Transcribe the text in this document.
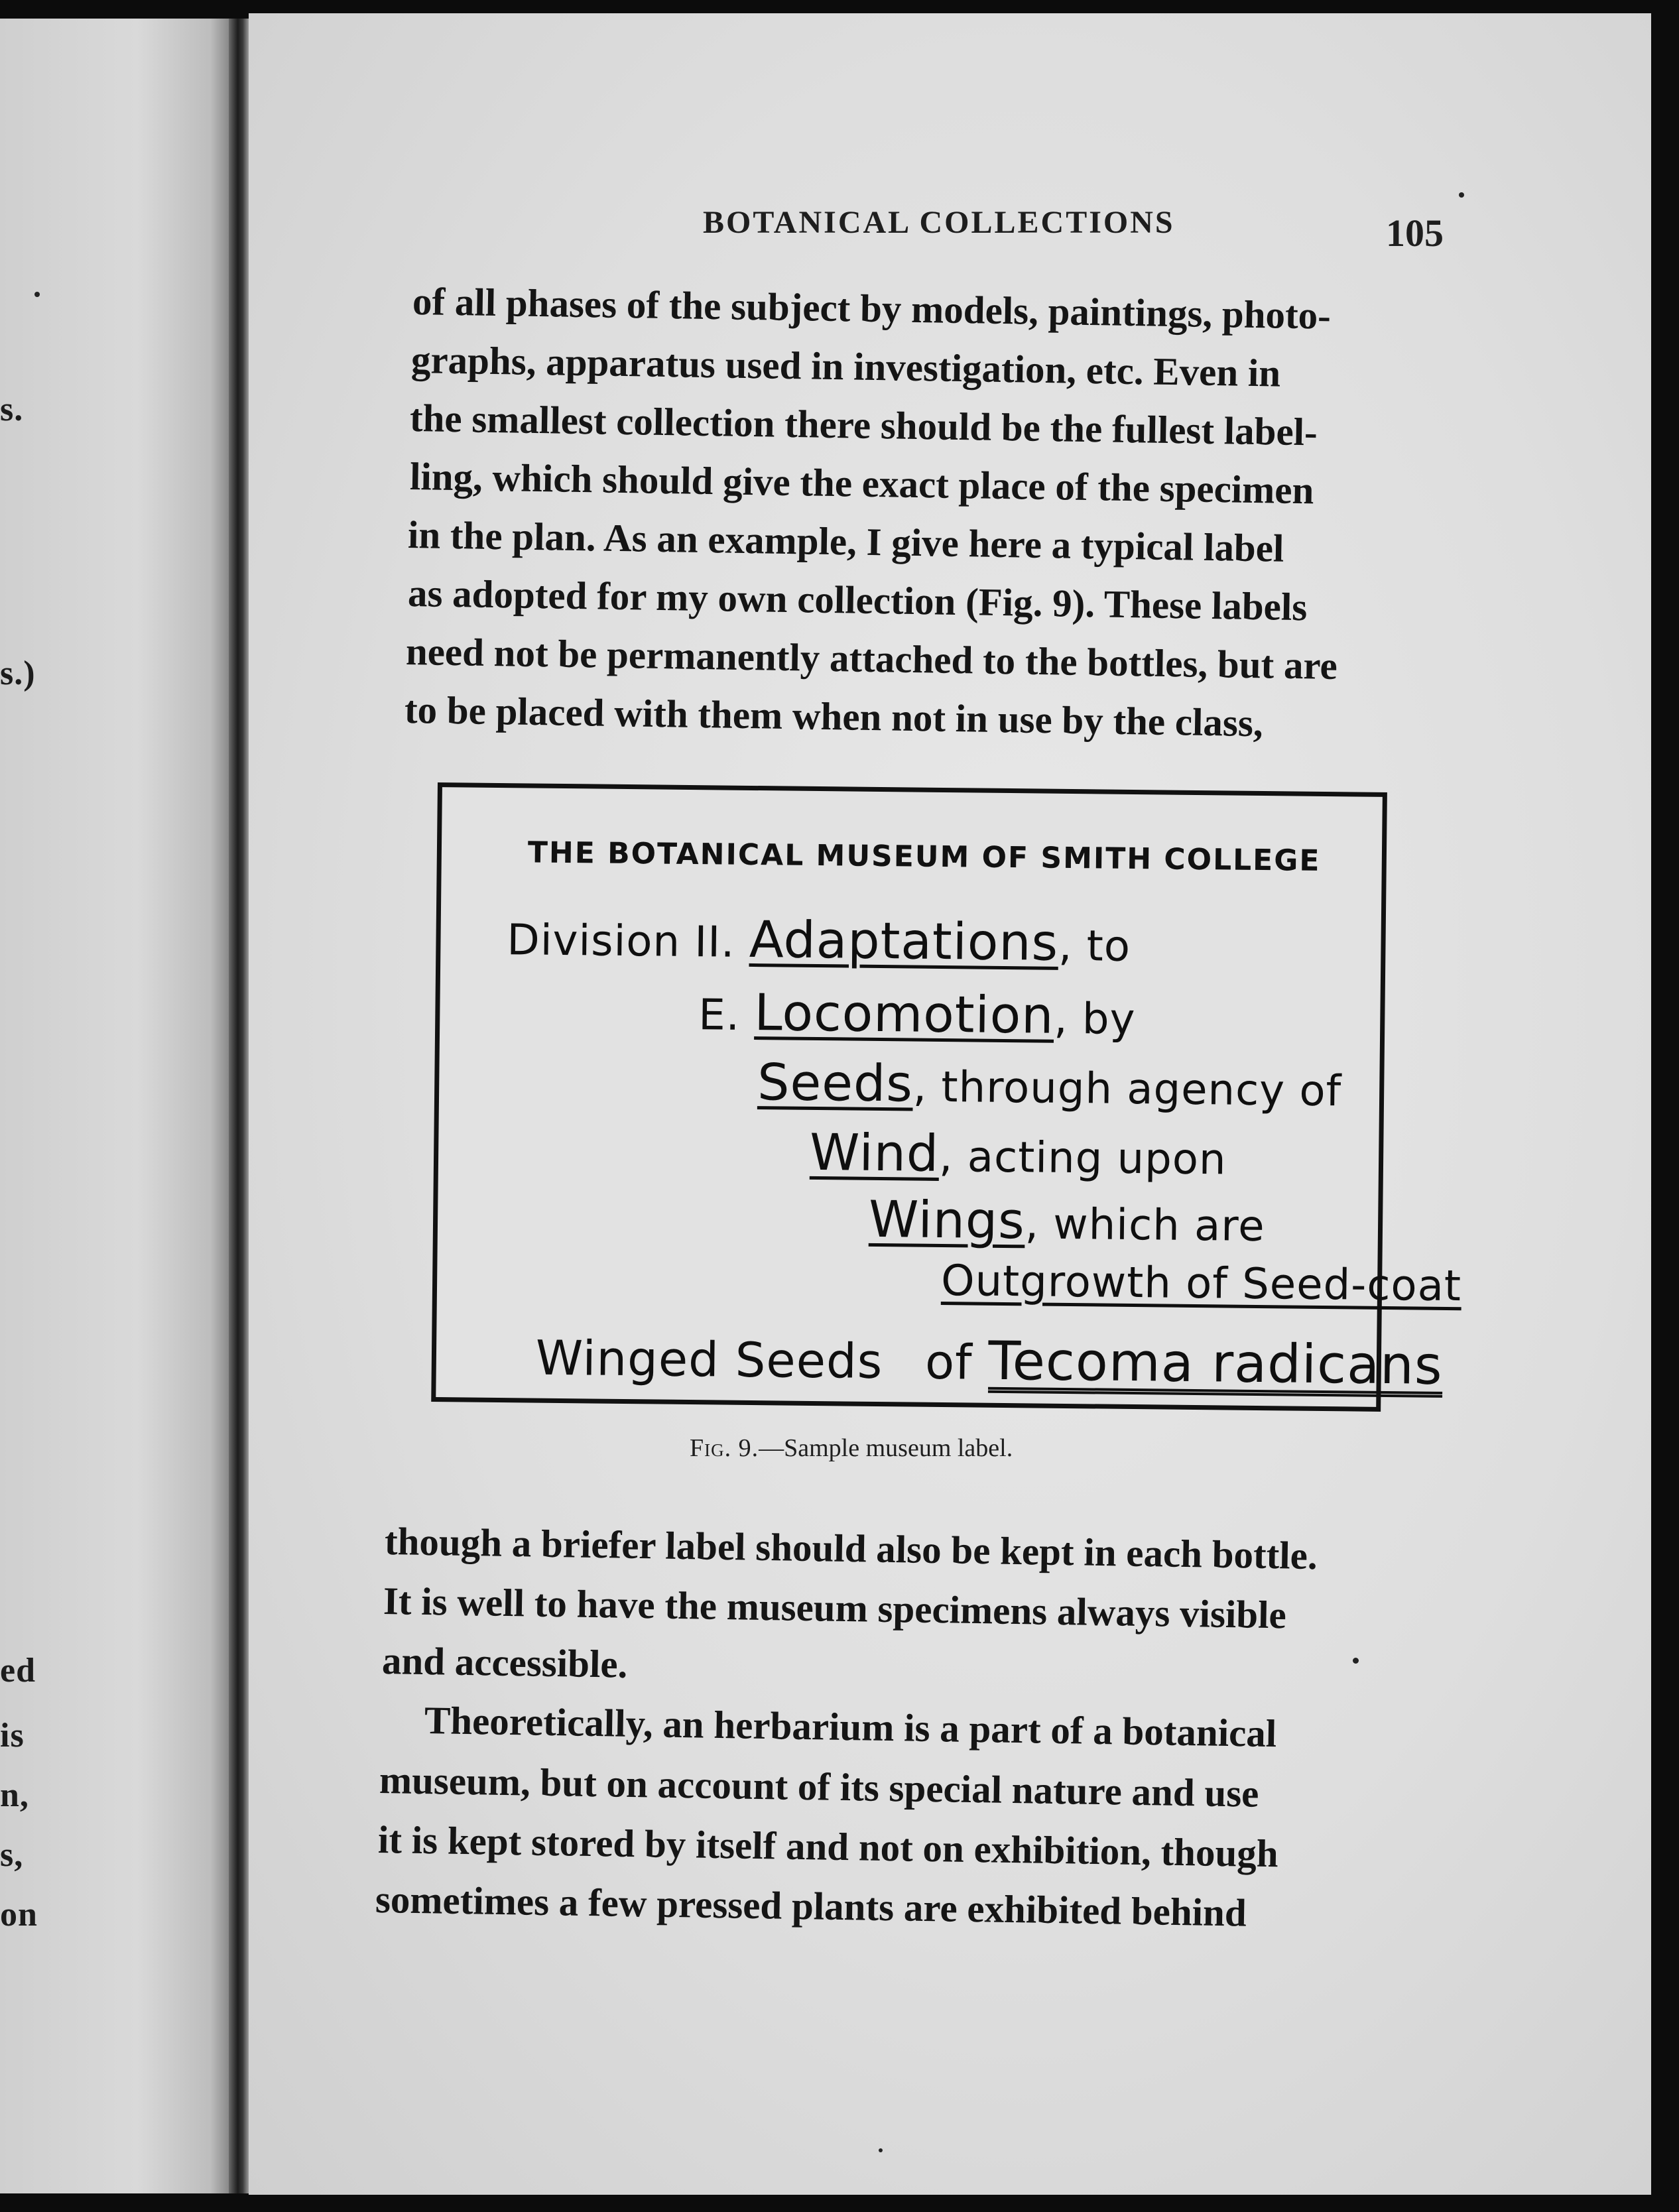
s.
s.)
ed
is
n,
s,
on
BOTANICAL COLLECTIONS	105
of all phases of the subject by models, paintings, photo-
graphs, apparatus used in investigation, etc. Even in
the smallest collection there should be the fullest label-
ling, which should give the exact place of the specimen
in the plan. As an example, I give here a typical label
as adopted for my own collection (Fig. 9). These labels
need not be permanently attached to the bottles, but are
to be placed with them when not in use by the class,
THE BOTANICAL MUSEUM OF SMITH COLLEGE
Division II. Adaptations, to
E. Locomotion, by
Seeds, through agency of
Wind, acting upon
Wings, which are
Outgrowth of Seed-coat
Winged Seeds of Tecoma radicans
Fig. 9.—Sample museum label.
though a briefer label should also be kept in each bottle.
It is well to have the museum specimens always visible
and accessible.
Theoretically, an herbarium is a part of a botanical
museum, but on account of its special nature and use
it is kept stored by itself and not on exhibition, though
sometimes a few pressed plants are exhibited behind
